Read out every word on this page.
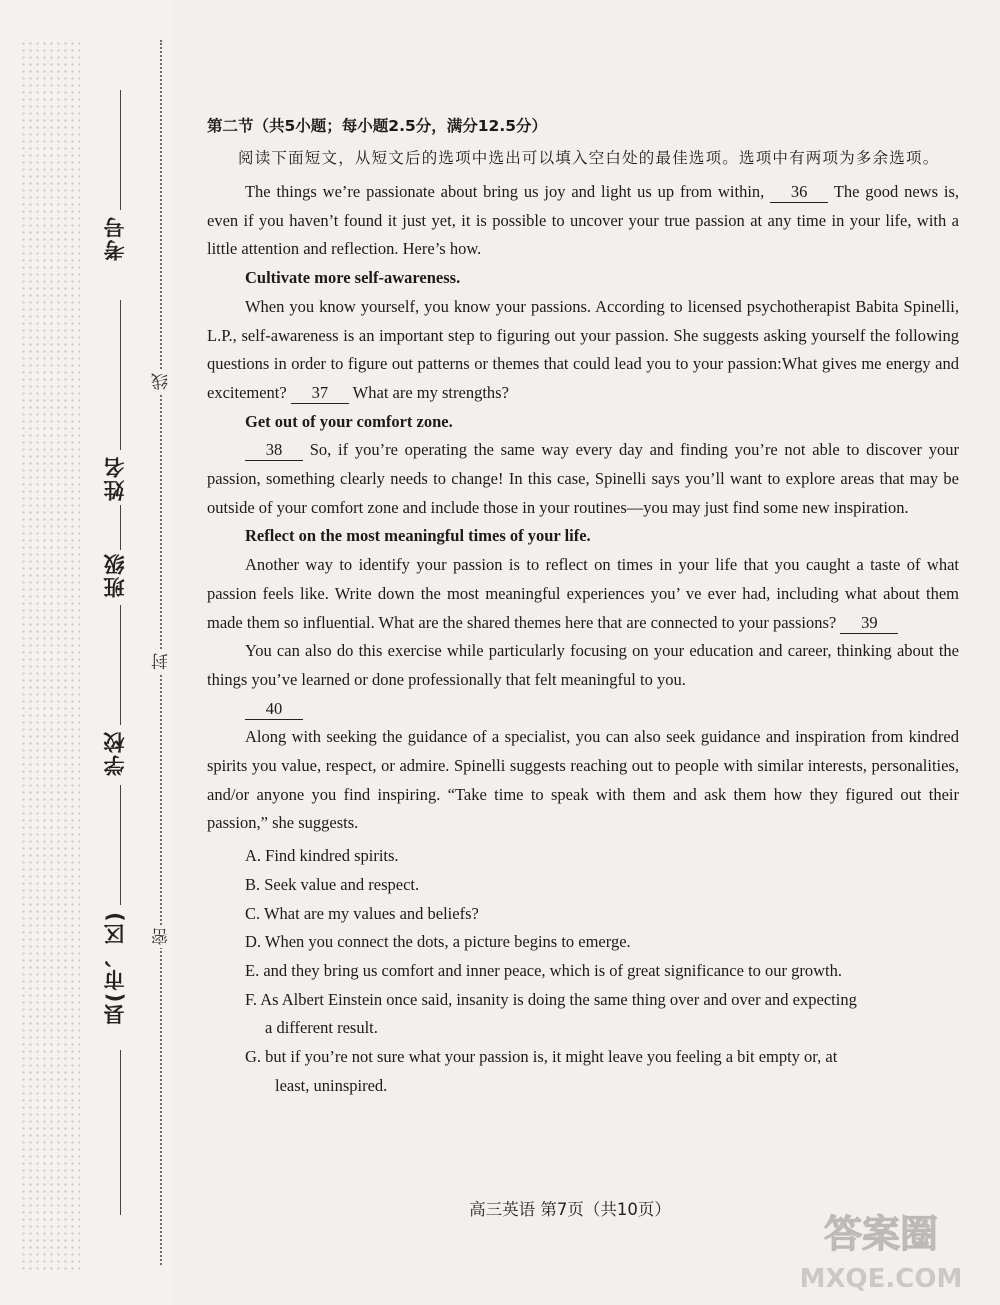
考号
姓名
班级
学校
县(市、区)
线
封
密

第二节（共5小题；每小题2.5分，满分12.5分）

阅读下面短文，从短文后的选项中选出可以填入空白处的最佳选项。选项中有两项为多余选项。

The things we’re passionate about bring us joy and light us up from within, 36 The good news is, even if you haven’t found it just yet, it is possible to uncover your true passion at any time in your life, with a little attention and reflection. Here’s how.

Cultivate more self-awareness.

When you know yourself, you know your passions. According to licensed psychotherapist Babita Spinelli, L.P., self-awareness is an important step to figuring out your passion. She suggests asking yourself the following questions in order to figure out patterns or themes that could lead you to your passion:What gives me energy and excitement? 37 What are my strengths?

Get out of your comfort zone.

38 So, if you’re operating the same way every day and finding you’re not able to discover your passion, something clearly needs to change! In this case, Spinelli says you’ll want to explore areas that may be outside of your comfort zone and include those in your routines—you may just find some new inspiration.

Reflect on the most meaningful times of your life.

Another way to identify your passion is to reflect on times in your life that you caught a taste of what passion feels like. Write down the most meaningful experiences you’ ve ever had, including what about them made them so influential. What are the shared themes here that are connected to your passions? 39

You can also do this exercise while particularly focusing on your education and career, thinking about the things you’ve learned or done professionally that felt meaningful to you.

40

Along with seeking the guidance of a specialist, you can also seek guidance and inspiration from kindred spirits you value, respect, or admire. Spinelli suggests reaching out to people with similar interests, personalities, and/or anyone you find inspiring. “Take time to speak with them and ask them how they figured out their passion,” she suggests.

A. Find kindred spirits.

B. Seek value and respect.

C. What are my values and beliefs?

D. When you connect the dots, a picture begins to emerge.

E. and they bring us comfort and inner peace, which is of great significance to our growth.

F. As Albert Einstein once said, insanity is doing the same thing over and over and expecting
a different result.

G. but if you’re not sure what your passion is, it might leave you feeling a bit empty or, at
least, uninspired.

高三英语 第7页（共10页）
答案圈
MXQE.COM
